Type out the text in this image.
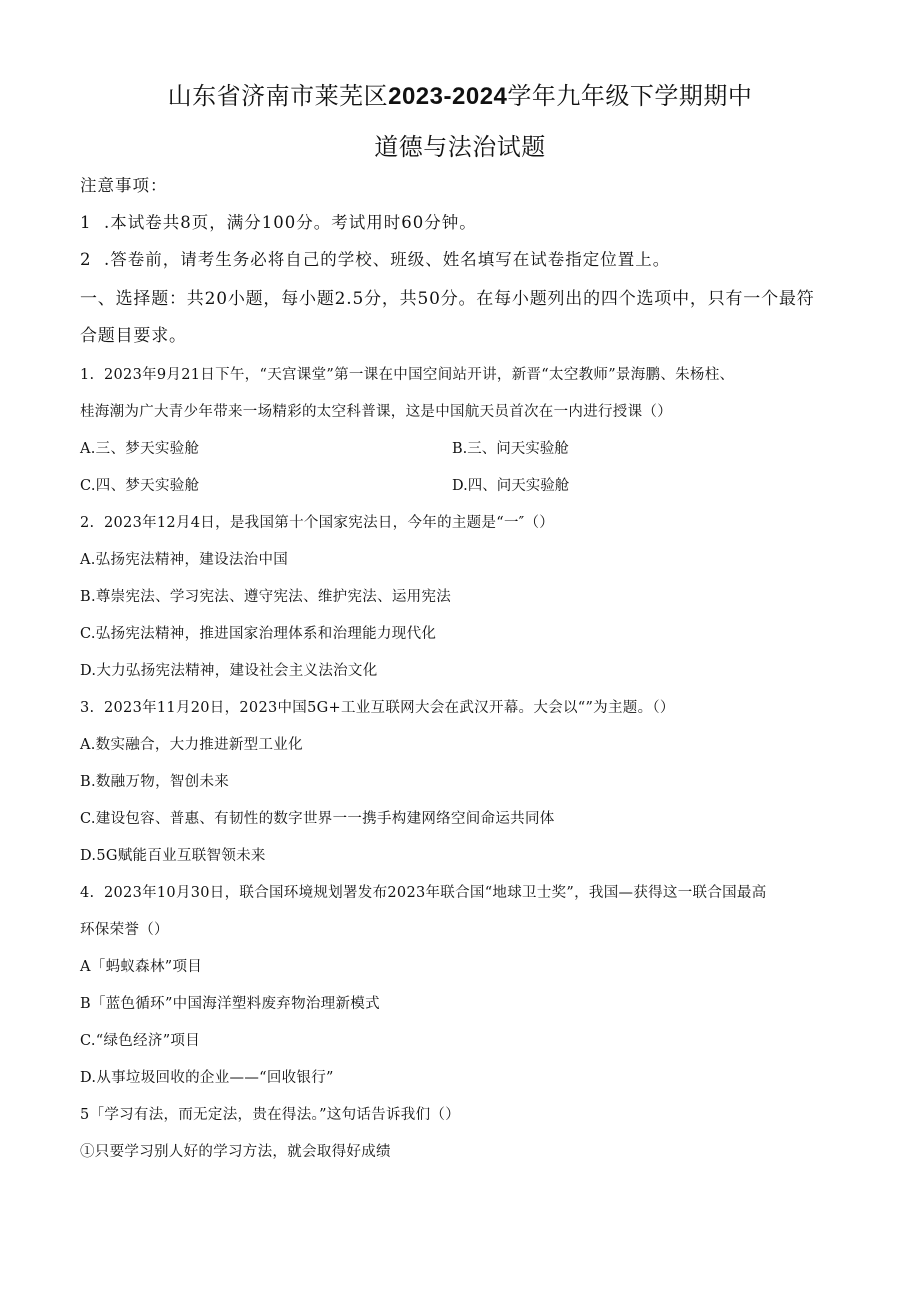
山东省济南市莱芜区2023-2024学年九年级下学期期中
道德与法治试题
注意事项：
1 .本试卷共8页，满分100分。考试用时60分钟。
2 .答卷前，请考生务必将自己的学校、班级、姓名填写在试卷指定位置上。
一、选择题：共20小题，每小题2.5分，共50分。在每小题列出的四个选项中，只有一个最符
合题目要求。
1. 2023年9月21日下午，“天宫课堂”第一课在中国空间站开讲，新晋“太空教师”景海鹏、朱杨柱、
桂海潮为广大青少年带来一场精彩的太空科普课，这是中国航天员首次在一内进行授课（）
A.三、梦天实验舱	B.三、问天实验舱
C.四、梦天实验舱	D.四、问天实验舱
2. 2023年12月4日，是我国第十个国家宪法日，今年的主题是“一″（）
A.弘扬宪法精神，建设法治中国
B.尊崇宪法、学习宪法、遵守宪法、维护宪法、运用宪法
C.弘扬宪法精神，推进国家治理体系和治理能力现代化
D.大力弘扬宪法精神，建设社会主义法治文化
3. 2023年11月20日，2023中国5G+工业互联网大会在武汉开幕。大会以“”为主题。（）
A.数实融合，大力推进新型工业化
B.数融万物，智创未来
C.建设包容、普惠、有韧性的数字世界一一携手构建网络空间命运共同体
D.5G赋能百业互联智领未来
4. 2023年10月30日，联合国环境规划署发布2023年联合国“地球卫士奖”，我国—获得这一联合国最高
环保荣誉（）
A「蚂蚁森林”项目
B「蓝色循环”中国海洋塑料废弃物治理新模式
C.“绿色经济”项目
D.从事垃圾回收的企业——“回收银行”
5「学习有法，而无定法，贵在得法。”这句话告诉我们（）
①只要学习别人好的学习方法，就会取得好成绩
